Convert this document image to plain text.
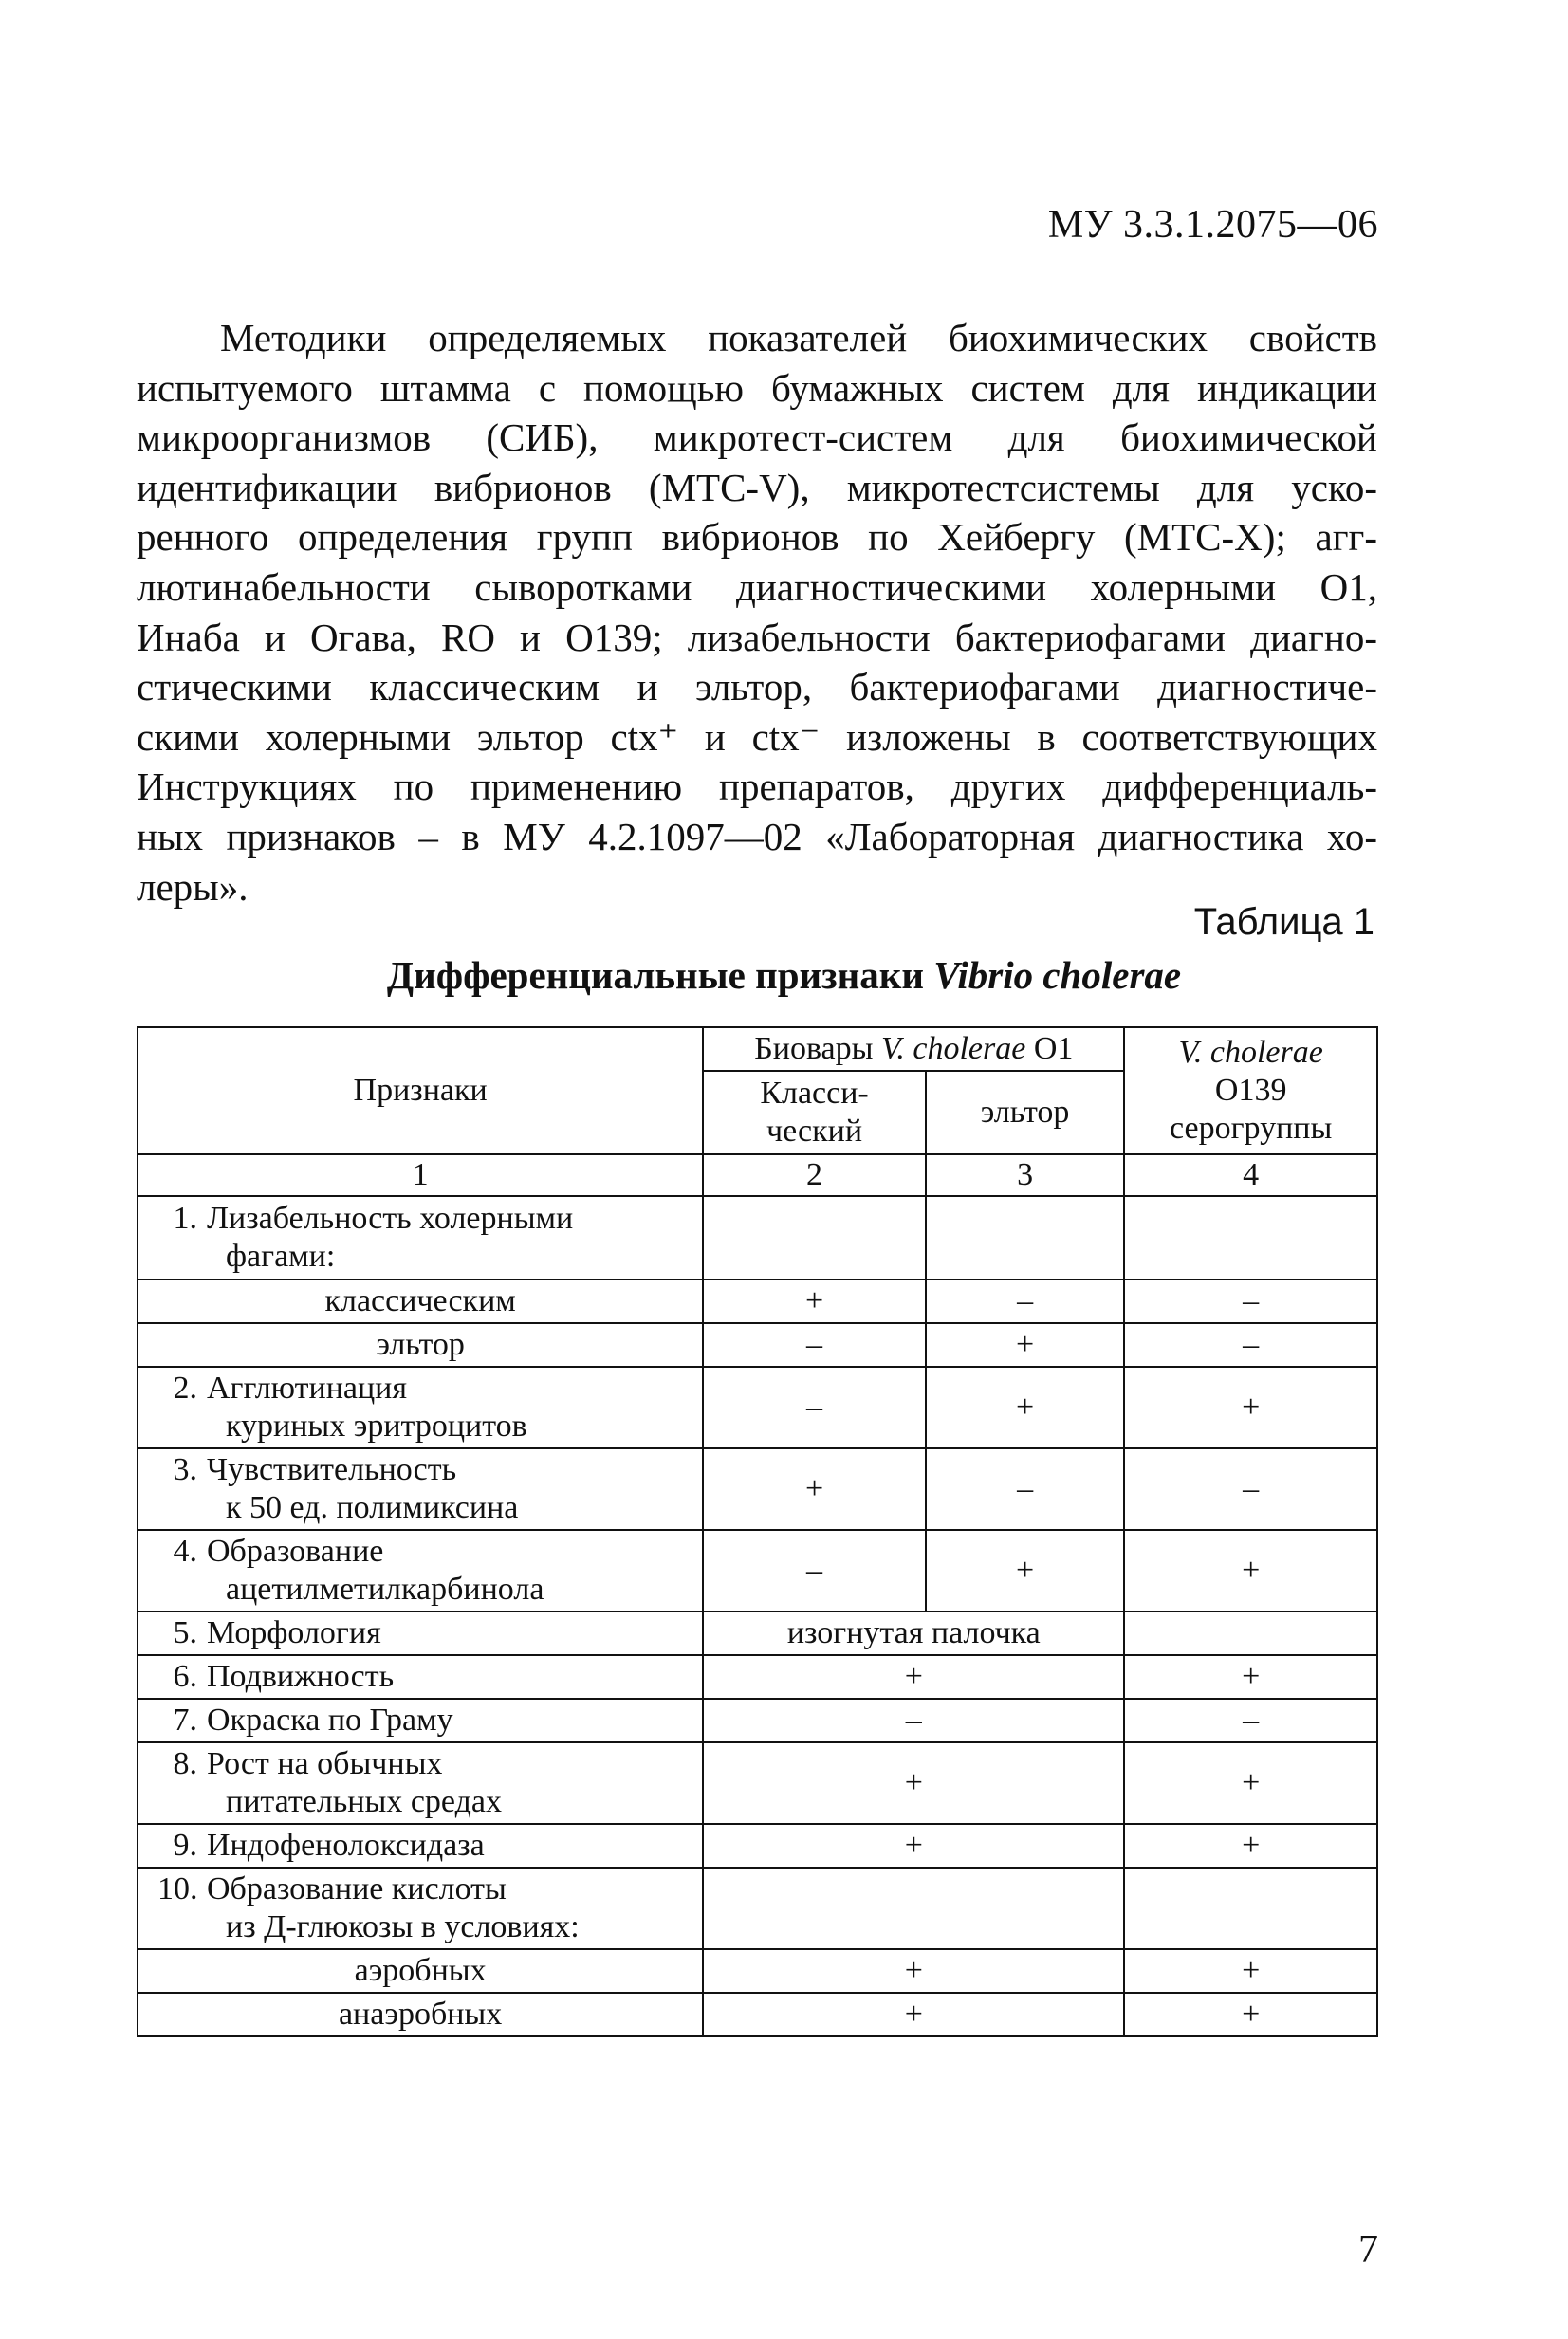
МУ 3.3.1.2075—06
Методики определяемых показателей биохимических свойств
испытуемого штамма с помощью бумажных систем для индикации
микроорганизмов (СИБ), микротест-систем для биохимической
идентификации вибрионов (МТС-V), микротестсистемы для уско-
ренного определения групп вибрионов по Хейбергу (МТС-Х); агг-
лютинабельности сыворотками диагностическими холерными О1,
Инаба и Огава, RO и О139; лизабельности бактериофагами диагно-
стическими классическим и эльтор, бактериофагами диагностиче-
скими холерными эльтор ctx⁺ и ctx⁻ изложены в соответствующих
Инструкциях по применению препаратов, других дифференциаль-
ных признаков – в МУ 4.2.1097—02 «Лабораторная диагностика хо-
леры».
Таблица 1
Дифференциальные признаки Vibrio cholerae
Признаки	Биовары V. cholerae O1		V. cholerae
O139
серогруппы

	Класси-
ческий	эльтор	
1	2	3	4
1. Лизабельность холерными
фагами:			

классическим	+	–	–
эльтор	–	+	–
2. Агглютинация
куриных эритроцитов	–	+	+
3. Чувствительность
к 50 ед. полимиксина	+	–	–
4. Образование
ацетилметилкарбинола	–	+	+
5. Морфология	изогнутая палочка		
6. Подвижность	+		+
7. Окраска по Граму	–		–
8. Рост на обычных
питательных средах	+		+
9. Индофенолоксидаза	+		+
10. Образование кислоты
из Д-глюкозы в условиях:			

аэробных	+		+
анаэробных	+		+
7
